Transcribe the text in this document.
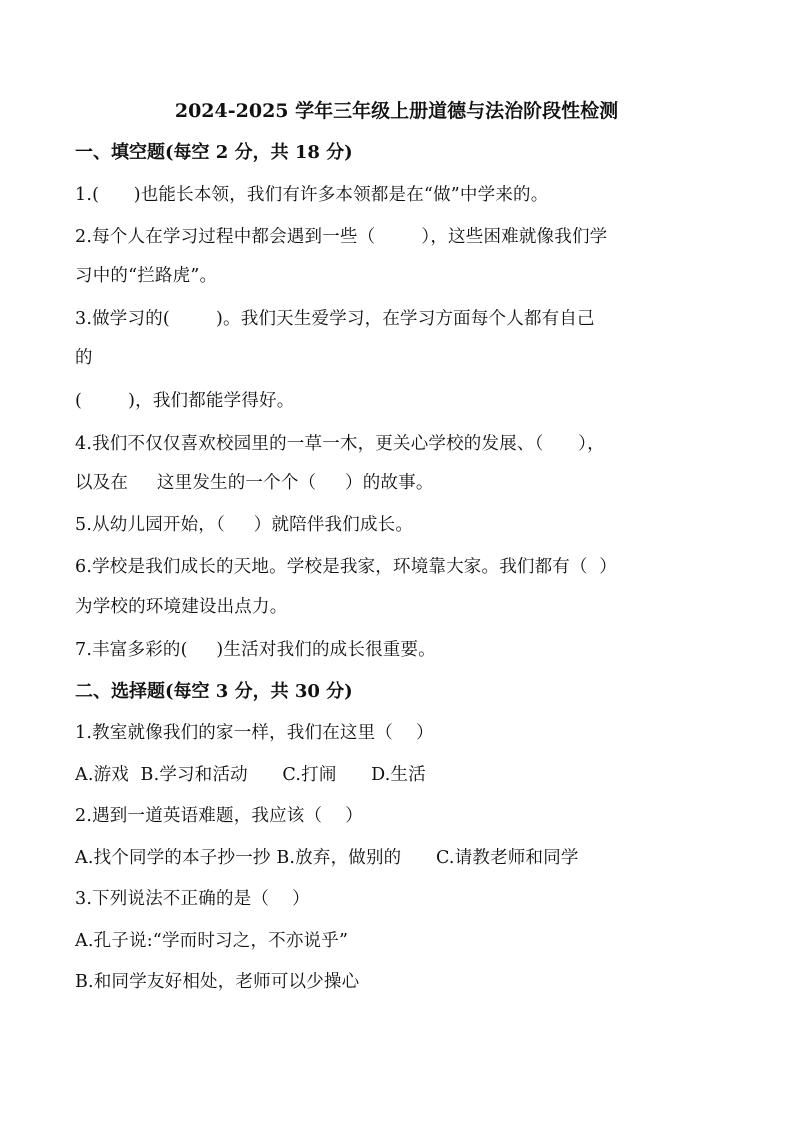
2024-2025 学年三年级上册道德与法治阶段性检测
一、填空题(每空 2 分，共 18 分)
1.(      )也能长本领，我们有许多本领都是在“做”中学来的。
2.每个人在学习过程中都会遇到一些（        ），这些困难就像我们学
习中的“拦路虎”。
3.做学习的(        )。我们天生爱学习，在学习方面每个人都有自己
的
(        )，我们都能学得好。
4.我们不仅仅喜欢校园里的一草一木，更关心学校的发展、（      ），
以及在     这里发生的一个个（     ）的故事。
5.从幼儿园开始，（     ）就陪伴我们成长。
6.学校是我们成长的天地。学校是我家，环境靠大家。我们都有（  ）
为学校的环境建设出点力。
7.丰富多彩的(     )生活对我们的成长很重要。
二、选择题(每空 3 分，共 30 分)
1.教室就像我们的家一样，我们在这里（    ）
A.游戏  B.学习和活动      C.打闹      D.生活
2.遇到一道英语难题，我应该（    ）
A.找个同学的本子抄一抄 B.放弃，做别的      C.请教老师和同学
3.下列说法不正确的是（    ）
A.孔子说:“学而时习之，不亦说乎”
B.和同学友好相处，老师可以少操心
